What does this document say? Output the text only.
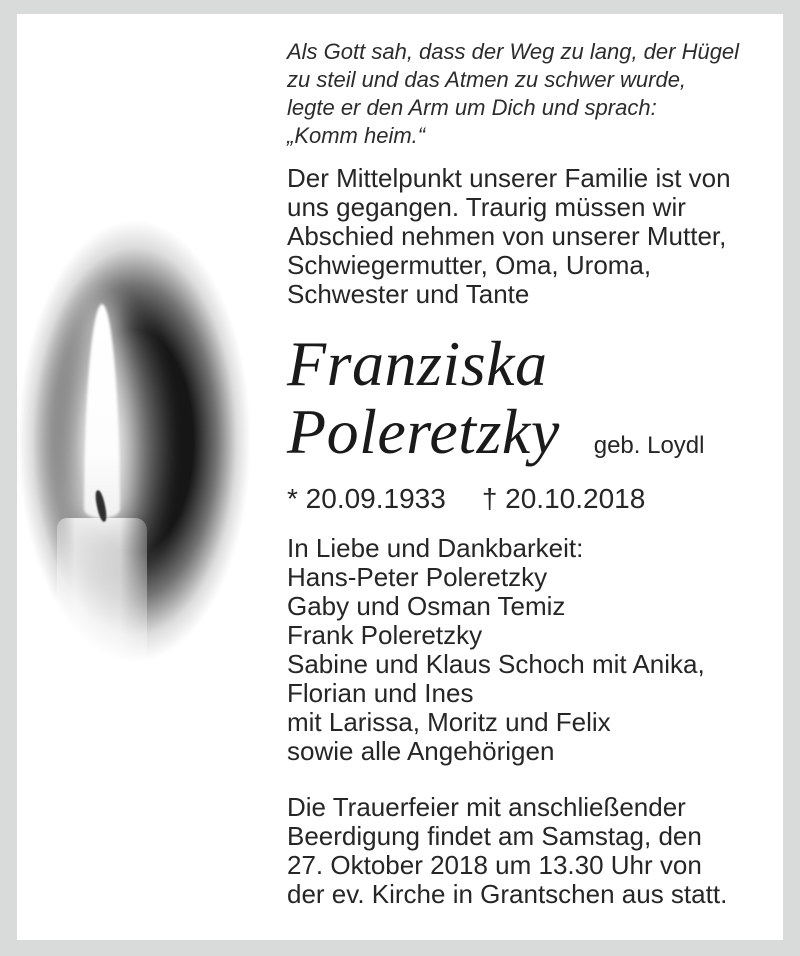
Als Gott sah, dass der Weg zu lang, der Hügel
zu steil und das Atmen zu schwer wurde,
legte er den Arm um Dich und sprach:
„Komm heim.“
Der Mittelpunkt unserer Familie ist von
uns gegangen. Traurig müssen wir
Abschied nehmen von unserer Mutter,
Schwiegermutter, Oma, Uroma,
Schwester und Tante
Franziska
Poleretzky geb. Loydl
* 20.09.1933 † 20.10.2018
In Liebe und Dankbarkeit:
Hans-Peter Poleretzky
Gaby und Osman Temiz
Frank Poleretzky
Sabine und Klaus Schoch mit Anika,
Florian und Ines
mit Larissa, Moritz und Felix
sowie alle Angehörigen
Die Trauerfeier mit anschließender
Beerdigung findet am Samstag, den
27. Oktober 2018 um 13.30 Uhr von
der ev. Kirche in Grantschen aus statt.
